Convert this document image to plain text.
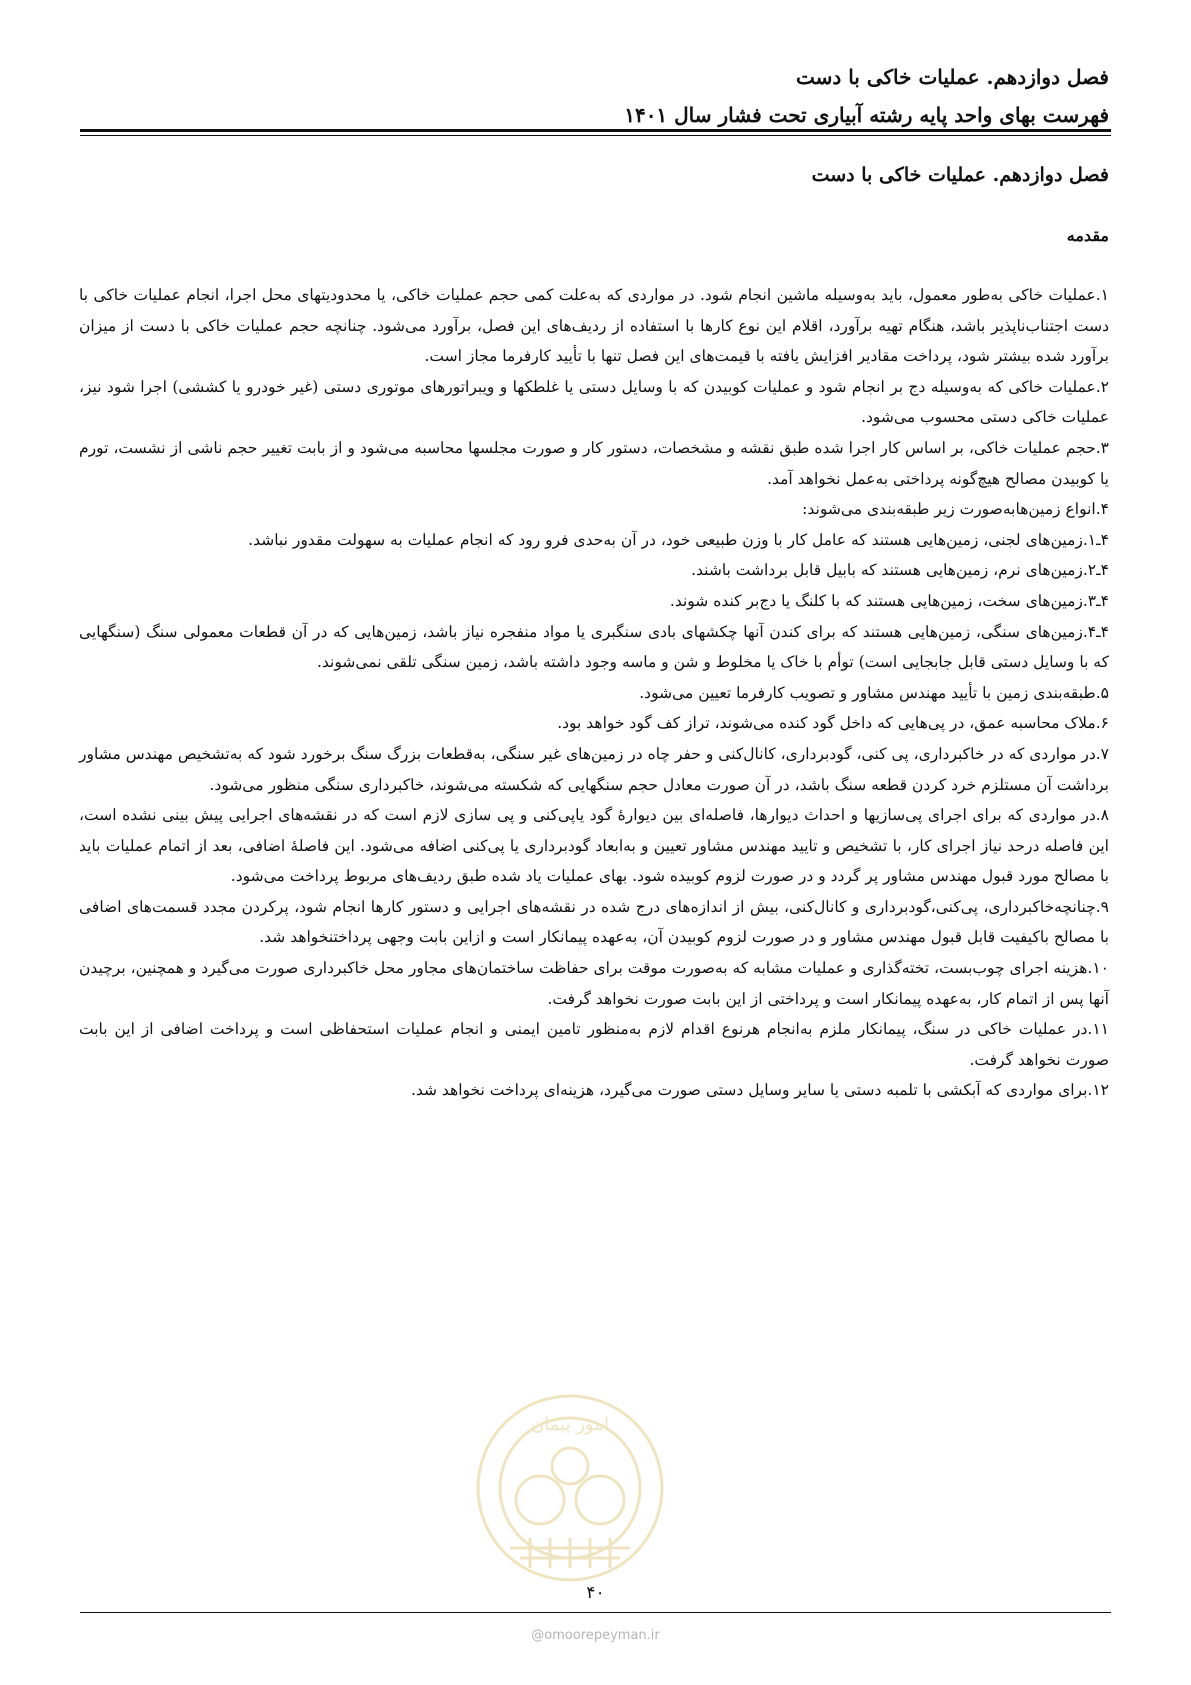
فصل دوازدهم. عملیات خاکی با دست
فهرست بهای واحد پایه رشته آبیاری تحت فشار سال ۱۴۰۱
فصل دوازدهم. عملیات خاکی با دست
مقدمه

۱.عملیات خاکی به‌طور معمول، باید به‌وسیله ماشین انجام شود. در مواردی که به‌علت کمی حجم عملیات خاکی، یا محدودیتهای محل اجرا، انجام عملیات خاکی با دست اجتناب‌ناپذیر باشد، هنگام تهیه برآورد، اقلام این نوع کارها با استفاده از ردیف‌های این فصل، برآورد می‌شود. چنانچه حجم عملیات خاکی با دست از میزان برآورد شده بیشتر شود، پرداخت مقادیر افزایش یافته با قیمت‌های این فصل تنها با تأیید کارفرما مجاز است.

۲.عملیات خاکی که به‌وسیله دج بر انجام شود و عملیات کوبیدن که با وسایل دستی یا غلطکها و ویبراتورهای موتوری دستی (غیر خودرو یا کششی) اجرا شود نیز، عملیات خاکی دستی محسوب می‌شود.

۳.حجم عملیات خاکی، بر اساس کار اجرا شده طبق نقشه و مشخصات، دستور کار و صورت مجلسها محاسبه می‌شود و از بابت تغییر حجم ناشی از نشست، تورم یا کوبیدن مصالح هیچ‌گونه پرداختی به‌عمل نخواهد آمد.

۴.انواع زمین‌هابه‌صورت زیر طبقه‌بندی می‌شوند:

۴ـ۱.زمین‌های لجنی، زمین‌هایی هستند که عامل کار با وزن طبیعی خود، در آن به‌حدی فرو رود که انجام عملیات به سهولت مقدور نباشد.

۴ـ۲.زمین‌های نرم، زمین‌هایی هستند که بابیل قابل برداشت باشند.

۴ـ۳.زمین‌های سخت، زمین‌هایی هستند که با کلنگ یا دج‌بر کنده شوند.

۴ـ۴.زمین‌های سنگی، زمین‌هایی هستند که برای کندن آنها چکشهای بادی سنگبری یا مواد منفجره نیاز باشد، زمین‌هایی که در آن قطعات معمولی سنگ (سنگهایی که با وسایل دستی قابل جابجایی است) توأم با خاک یا مخلوط و شن و ماسه وجود داشته باشد، زمین سنگی تلقی نمی‌شوند.

۵.طبقه‌بندی زمین با تأیید مهندس مشاور و تصویب کارفرما تعیین می‌شود.

۶.ملاک محاسبه عمق، در پی‌هایی که داخل گود کنده می‌شوند، تراز کف گود خواهد بود.

۷.در مواردی که در خاکبرداری، پی کنی، گودبرداری، کانال‌کنی و حفر چاه در زمین‌های غیر سنگی، به‌قطعات بزرگ سنگ برخورد شود که به‌تشخیص مهندس مشاور برداشت آن مستلزم خرد کردن قطعه سنگ باشد، در آن صورت معادل حجم سنگهایی که شکسته می‌شوند، خاکبرداری سنگی منظور می‌شود.

۸.در مواردی که برای اجرای پی‌سازیها و احداث دیوارها، فاصله‌ای بین دیوارهٔ گود یاپی‌کنی و پی سازی لازم است که در نقشه‌های اجرایی پیش بینی نشده است، این فاصله درحد نیاز اجرای کار، با تشخیص و تایید مهندس مشاور تعیین و به‌ابعاد گودبرداری یا پی‌کنی اضافه می‌شود. این فاصلهٔ اضافی، بعد از اتمام عملیات باید با مصالح مورد قبول مهندس مشاور پر گردد و در صورت لزوم کوبیده شود. بهای عملیات یاد شده طبق ردیف‌های مربوط پرداخت می‌شود.

۹.چنانچه‌خاکبرداری، پی‌کنی،گودبرداری و کانال‌کنی، بیش از اندازه‌های درج شده در نقشه‌های اجرایی و دستور کارها انجام شود، پرکردن مجدد قسمت‌های اضافی با مصالح باکیفیت قابل قبول مهندس مشاور و در صورت لزوم کوبیدن آن، به‌عهده پیمانکار است و ازاین بابت وجهی پرداختنخواهد شد.

۱۰.هزینه اجرای چوب‌بست، تخته‌گذاری و عملیات مشابه که به‌صورت موقت برای حفاظت ساختمان‌های مجاور محل خاکبرداری صورت می‌گیرد و همچنین، برچیدن آنها پس از اتمام کار، به‌عهده پیمانکار است و پرداختی از این بابت صورت نخواهد گرفت.

۱۱.در عملیات خاکی در سنگ، پیمانکار ملزم به‌انجام هرنوع اقدام لازم به‌منظور تامین ایمنی و انجام عملیات استحفاظی است و پرداخت اضافی از این بابت صورت نخواهد گرفت.

۱۲.برای مواردی که آبکشی با تلمبه دستی یا سایر وسایل دستی صورت می‌گیرد، هزینه‌ای پرداخت نخواهد شد.

امور پیمان
۴۰
@omoorepeyman.ir
